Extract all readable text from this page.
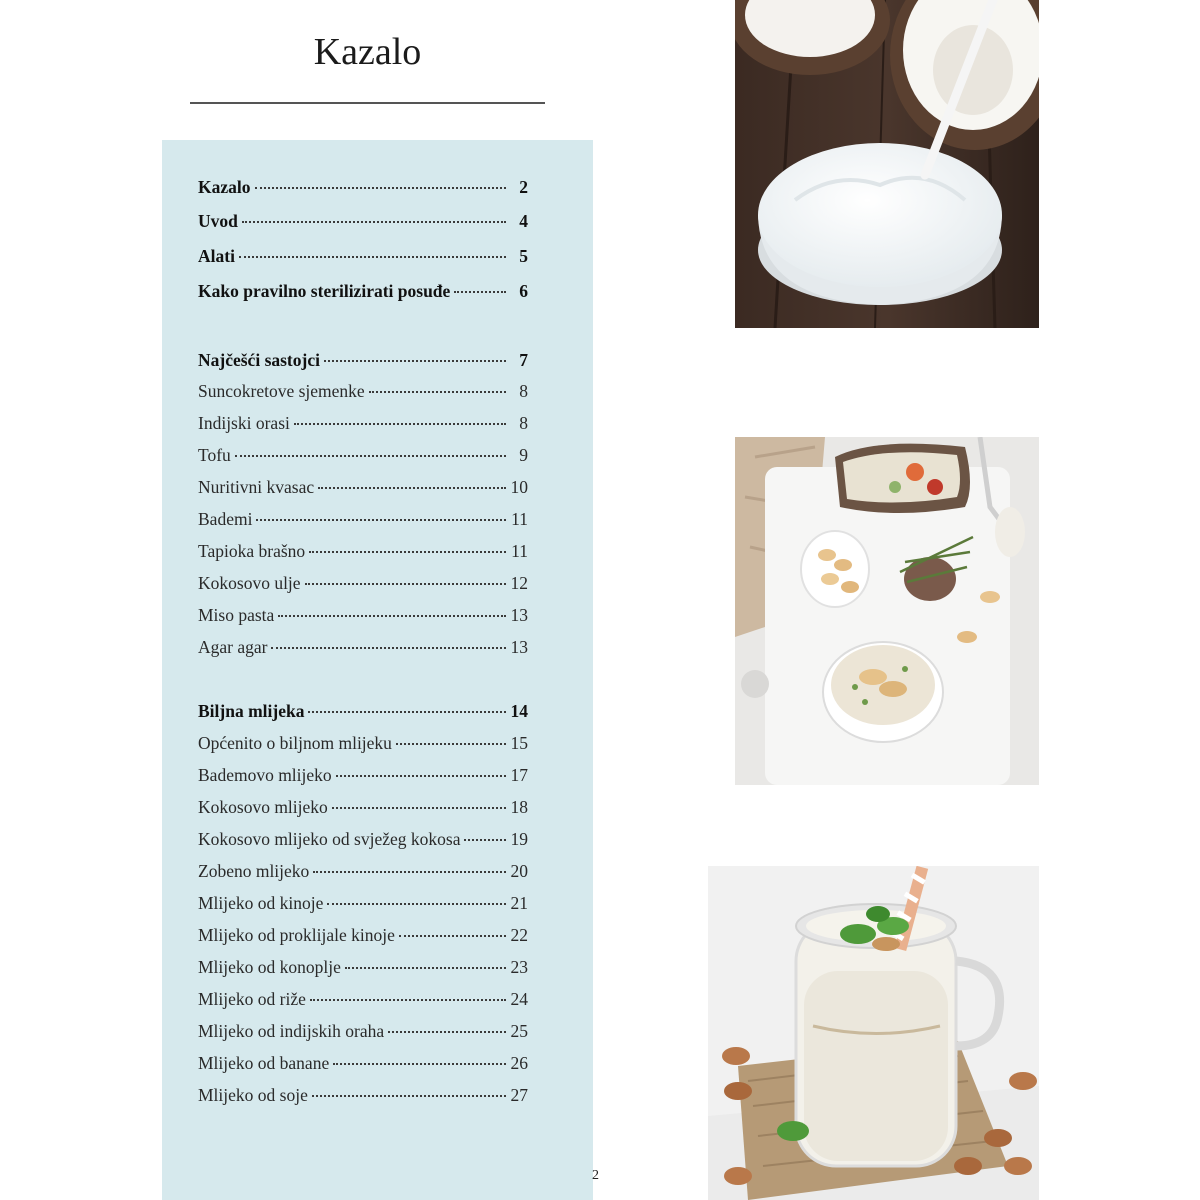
Kazalo
Kazalo	2
Uvod	4
Alati	5
Kako pravilno sterilizirati posuđe	6
Najčešći sastojci	7
Suncokretove sjemenke	8
Indijski orasi	8
Tofu	9
Nuritivni kvasac	10
Bademi	11
Tapioka brašno	11
Kokosovo ulje	12
Miso pasta	13
Agar agar	13
Biljna mlijeka	14
Općenito o biljnom mlijeku	15
Bademovo mlijeko	17
Kokosovo mlijeko	18
Kokosovo mlijeko od svježeg kokosa	19
Zobeno mlijeko	20
Mlijeko od kinoje	21
Mlijeko od proklijale kinoje	22
Mlijeko od konoplje	23
Mlijeko od riže	24
Mlijeko od indijskih oraha	25
Mlijeko od banane	26
Mlijeko od soje	27
2
